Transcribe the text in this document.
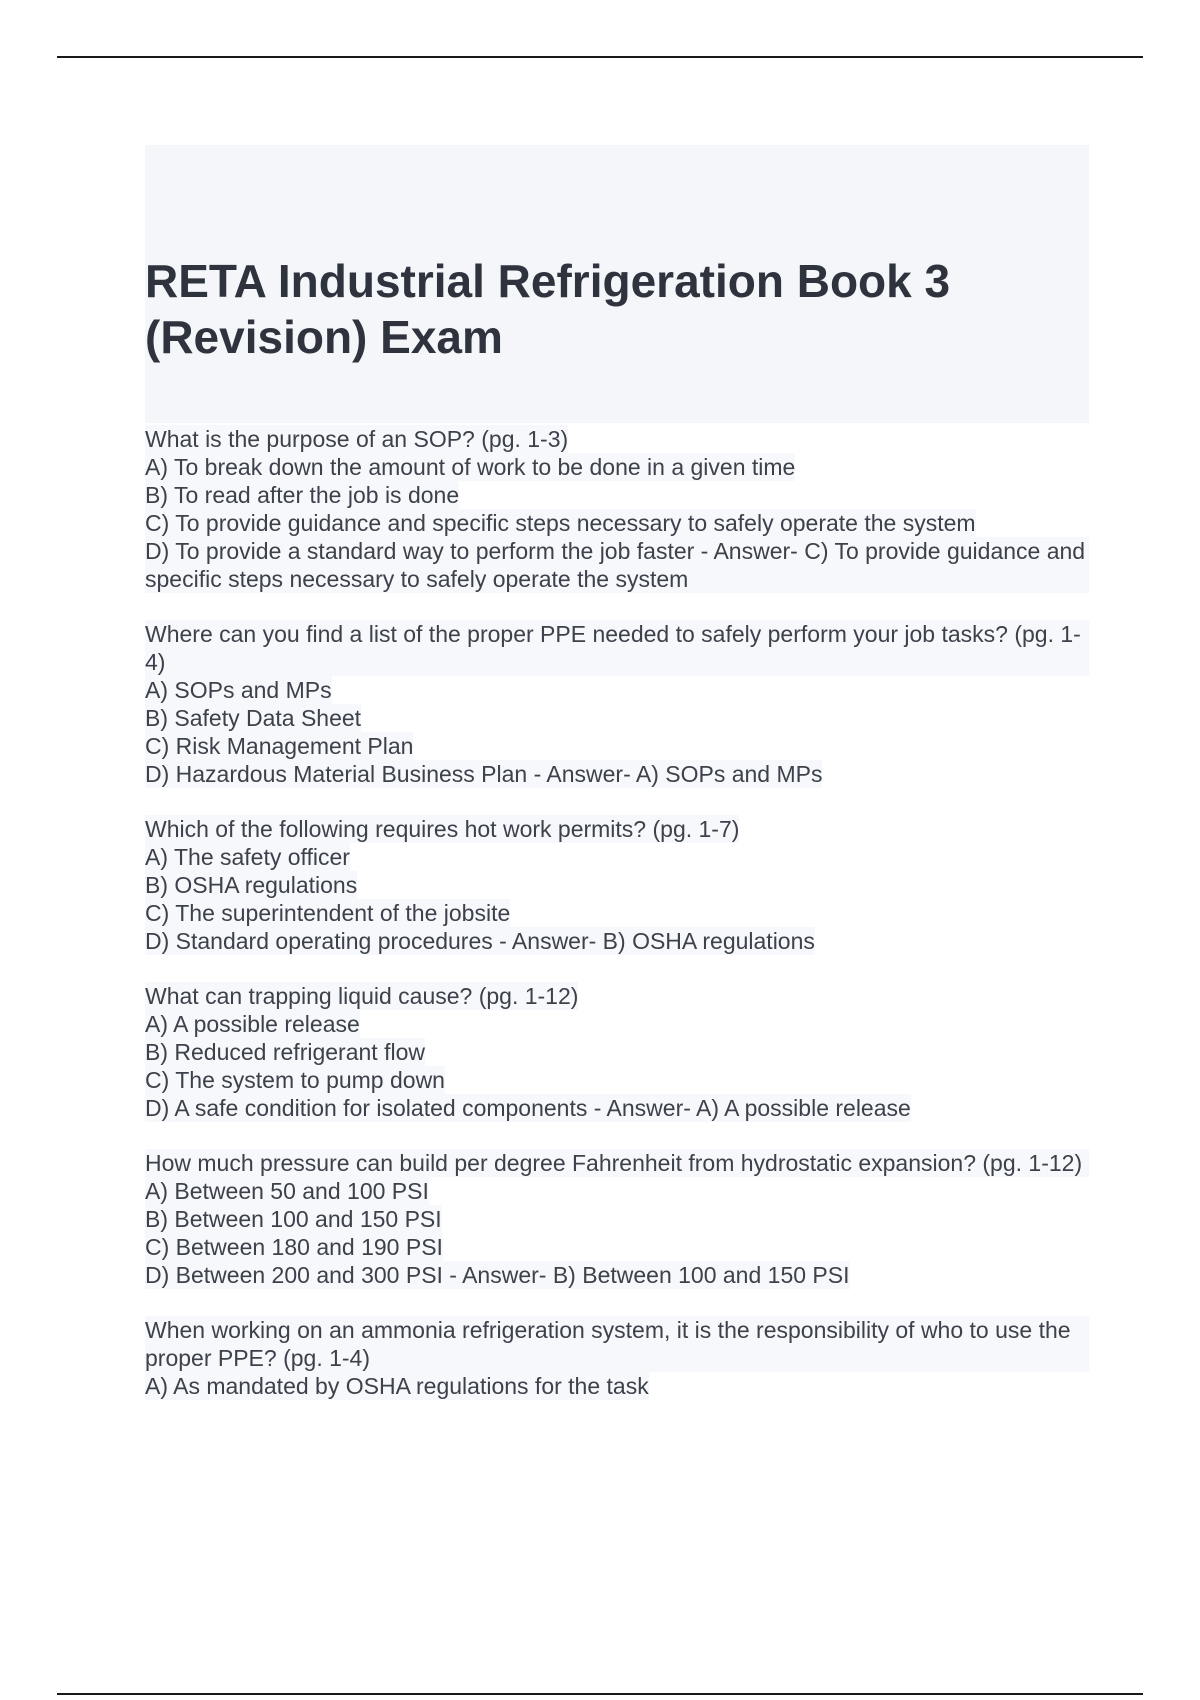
RETA Industrial Refrigeration Book 3 (Revision) Exam
What is the purpose of an SOP? (pg. 1-3)
A) To break down the amount of work to be done in a given time
B) To read after the job is done
C) To provide guidance and specific steps necessary to safely operate the system
D) To provide a standard way to perform the job faster - Answer- C) To provide guidance and specific steps necessary to safely operate the system
Where can you find a list of the proper PPE needed to safely perform your job tasks? (pg. 1-4)
A) SOPs and MPs
B) Safety Data Sheet
C) Risk Management Plan
D) Hazardous Material Business Plan - Answer- A) SOPs and MPs
Which of the following requires hot work permits? (pg. 1-7)
A) The safety officer
B) OSHA regulations
C) The superintendent of the jobsite
D) Standard operating procedures - Answer- B) OSHA regulations
What can trapping liquid cause? (pg. 1-12)
A) A possible release
B) Reduced refrigerant flow
C) The system to pump down
D) A safe condition for isolated components - Answer- A) A possible release
How much pressure can build per degree Fahrenheit from hydrostatic expansion? (pg. 1-12)
A) Between 50 and 100 PSI
B) Between 100 and 150 PSI
C) Between 180 and 190 PSI
D) Between 200 and 300 PSI - Answer- B) Between 100 and 150 PSI
When working on an ammonia refrigeration system, it is the responsibility of who to use the proper PPE? (pg. 1-4)
A) As mandated by OSHA regulations for the task
